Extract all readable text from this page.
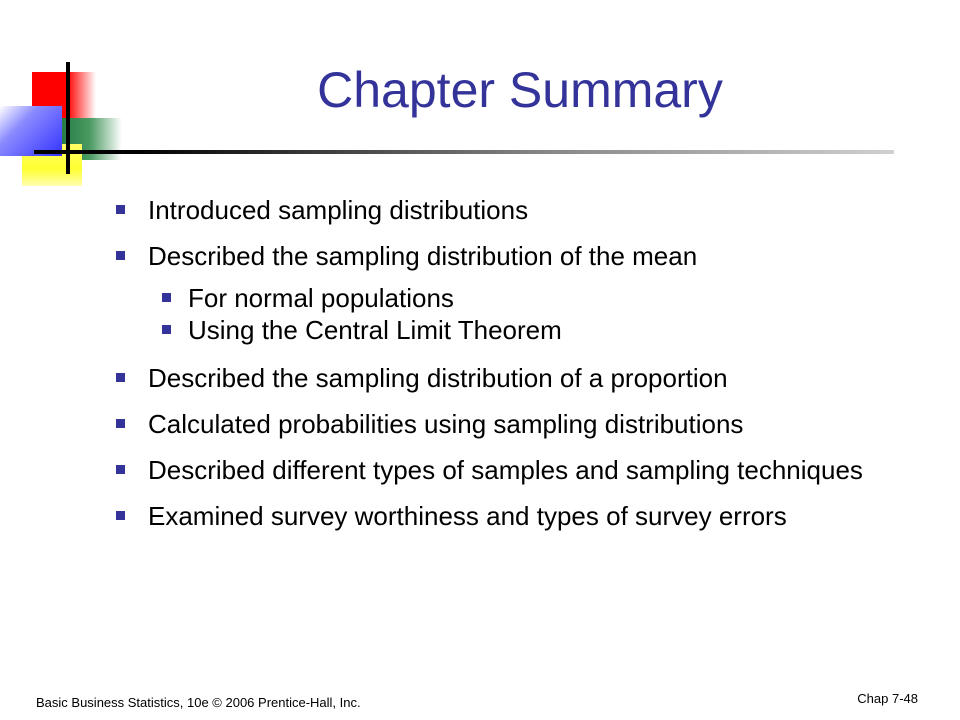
Chapter Summary
Introduced sampling distributions
Described the sampling distribution of the mean
For normal populations
Using the Central Limit Theorem
Described the sampling distribution of a proportion
Calculated probabilities using sampling distributions
Described different types of samples and sampling techniques
Examined survey worthiness and types of survey errors
Basic Business Statistics, 10e © 2006 Prentice-Hall, Inc.	Chap 7-48
